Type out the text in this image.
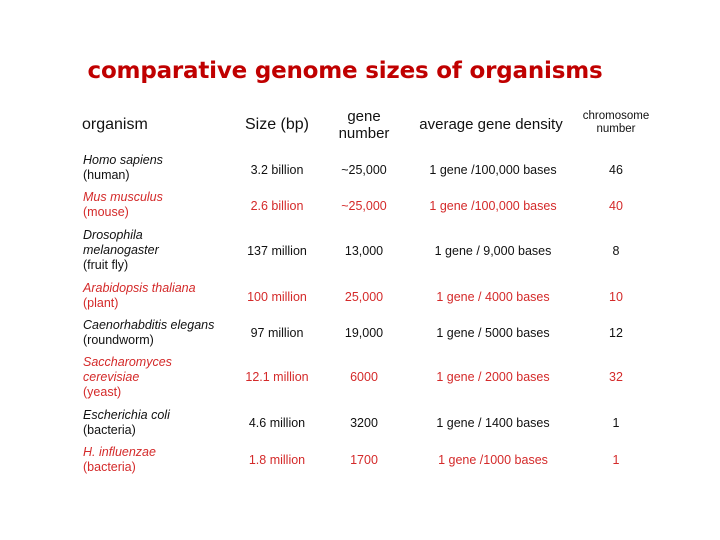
comparative genome sizes of organisms
organism	Size (bp)	gene
number
average gene density	chromosome
number
Homo sapiens
(human)	3.2 billion	~25,000	1 gene /100,000 bases	46
Mus musculus
(mouse)	2.6 billion	~25,000	1 gene /100,000 bases	40
Drosophila melanogaster
(fruit fly)
137 million	13,000	1 gene / 9,000 bases	8
Arabidopsis thaliana
(plant)	100 million	25,000	1 gene / 4000 bases	10
Caenorhabditis elegans
(roundworm)	97 million	19,000	1 gene / 5000 bases	12
Saccharomyces cerevisiae
(yeast)
12.1 million	6000	1 gene / 2000 bases	32
Escherichia coli
(bacteria)	4.6 million	3200	1 gene / 1400 bases	1
H. influenzae
(bacteria)	1.8 million	1700	1 gene /1000 bases	1
